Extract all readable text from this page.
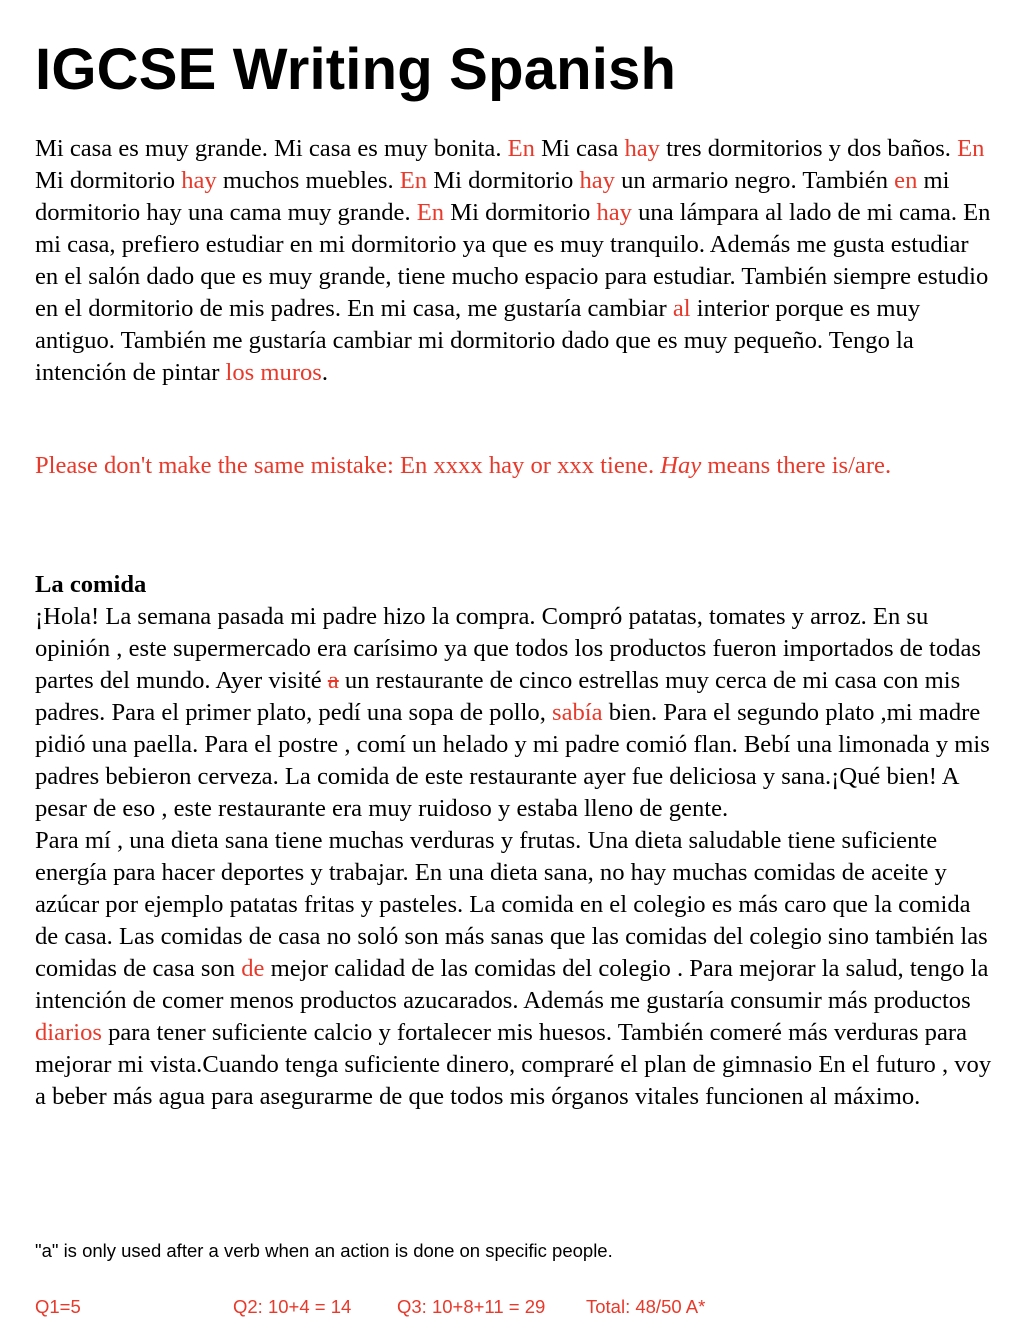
IGCSE Writing Spanish
Mi casa es muy grande. Mi casa es muy bonita. En Mi casa hay tres dormitorios y dos baños. En Mi dormitorio hay muchos muebles. En Mi dormitorio hay un armario negro. También en mi dormitorio hay una cama muy grande. En Mi dormitorio hay una lámpara al lado de mi cama. En mi casa, prefiero estudiar en mi dormitorio ya que es muy tranquilo. Además me gusta estudiar en el salón dado que es muy grande, tiene mucho espacio para estudiar. También siempre estudio en el dormitorio de mis padres. En mi casa, me gustaría cambiar al interior porque es muy antiguo. También me gustaría cambiar mi dormitorio dado que es muy pequeño. Tengo la intención de pintar los muros.
Please don't make the same mistake: En xxxx hay or xxx tiene. Hay means there is/are.
La comida
¡Hola! La semana pasada mi padre hizo la compra. Compró patatas, tomates y arroz. En su opinión , este supermercado era carísimo ya que todos los productos fueron importados de todas partes del mundo. Ayer visité a un restaurante de cinco estrellas muy cerca de mi casa con mis padres. Para el primer plato, pedí una sopa de pollo, sabía bien. Para el segundo plato ,mi madre pidió una paella. Para el postre , comí un helado y mi padre comió flan. Bebí una limonada y mis padres bebieron cerveza. La comida de este restaurante ayer fue deliciosa y sana.¡Qué bien! A pesar de eso , este restaurante era muy ruidoso y estaba lleno de gente.
Para mí , una dieta sana tiene muchas verduras y frutas. Una dieta saludable tiene suficiente energía para hacer deportes y trabajar. En una dieta sana, no hay muchas comidas de aceite y azúcar por ejemplo patatas fritas y pasteles. La comida en el colegio es más caro que la comida de casa. Las comidas de casa no soló son más sanas que las comidas del colegio sino también las comidas de casa son de mejor calidad de las comidas del colegio . Para mejorar la salud, tengo la intención de comer menos productos azucarados. Además me gustaría consumir más productos diarios para tener suficiente calcio y fortalecer mis huesos. También comeré más verduras para mejorar mi vista.Cuando tenga suficiente dinero, compraré el plan de gimnasio En el futuro , voy a beber más agua para asegurarme de que todos mis órganos vitales funcionen al máximo.
"a" is only used after a verb when an action is done on specific people.
Q1=5	Q2: 10+4 = 14 Q3: 10+8+11 = 29 Total: 48/50 A*
